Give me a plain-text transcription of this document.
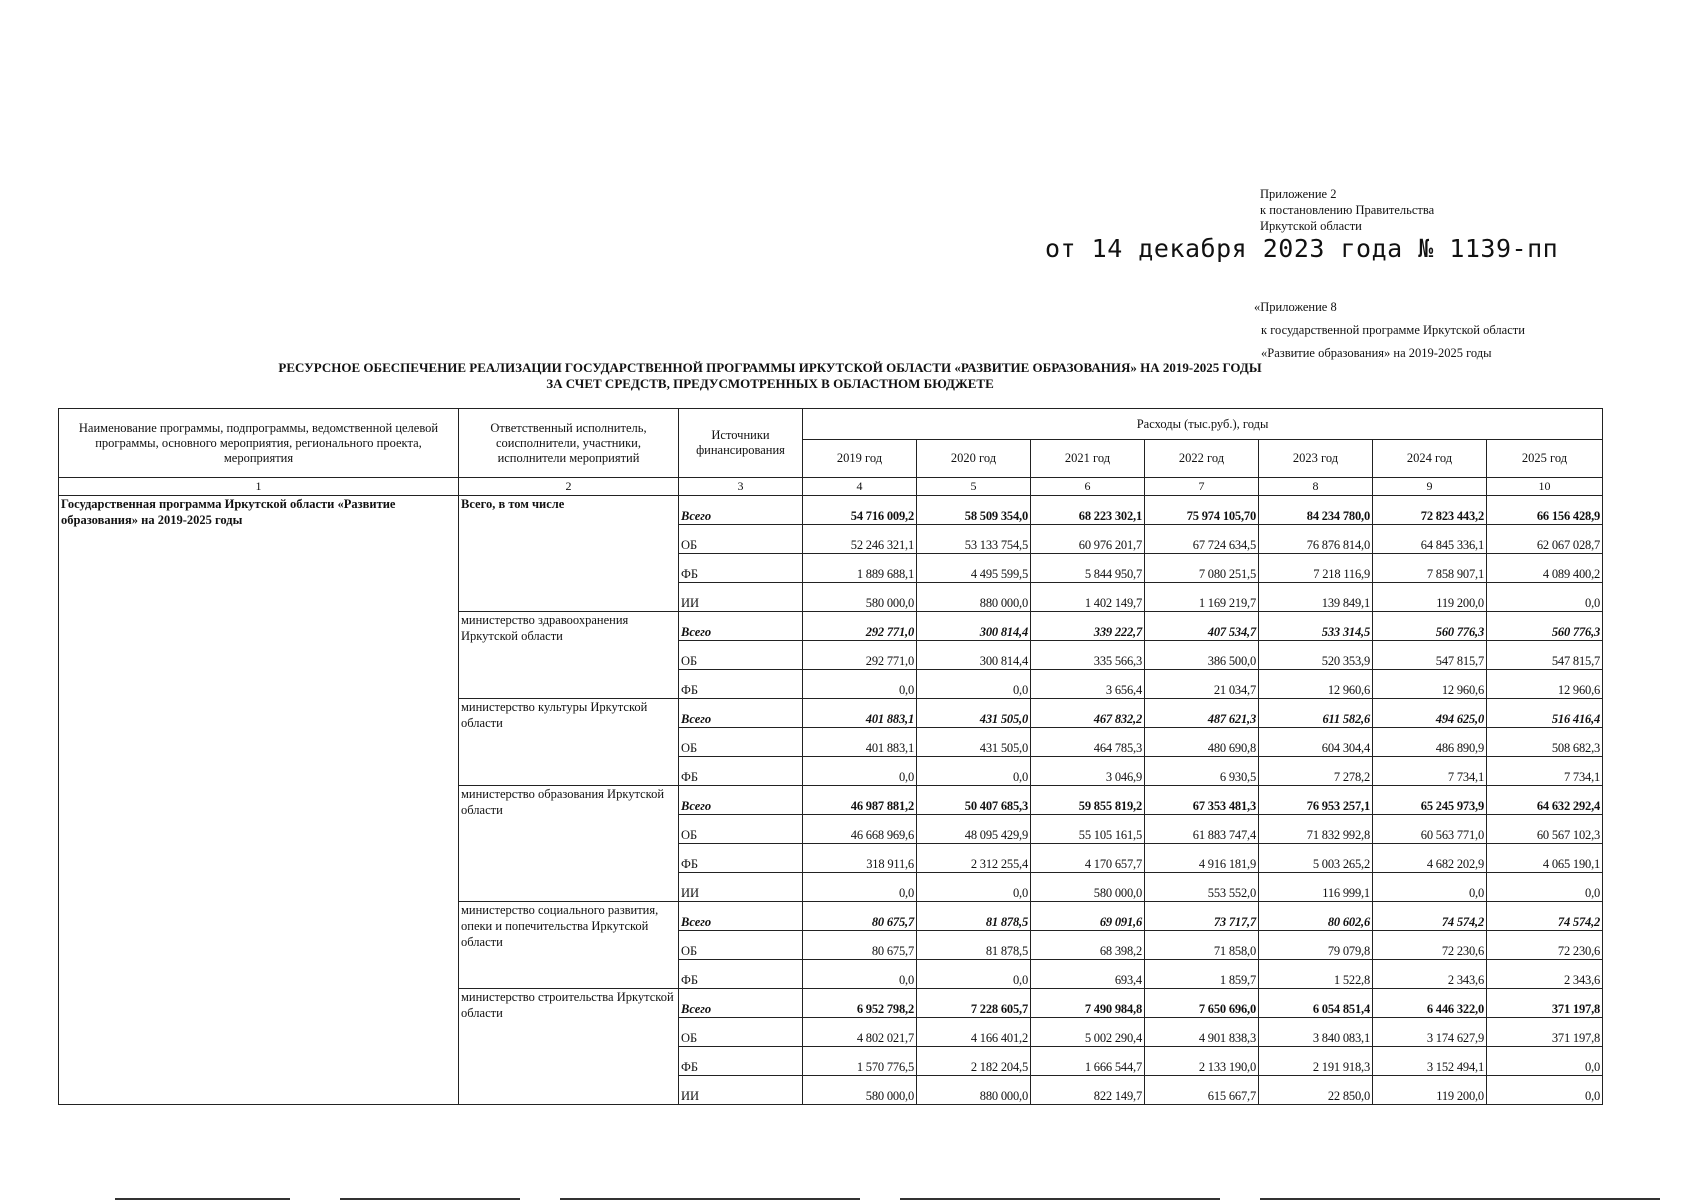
Приложение 2
к постановлению Правительства
Иркутской области
от 14 декабря 2023 года № 1139-пп
«Приложение 8
к государственной программе Иркутской области
«Развитие образования» на 2019-2025 годы
РЕСУРСНОЕ ОБЕСПЕЧЕНИЕ РЕАЛИЗАЦИИ ГОСУДАРСТВЕННОЙ ПРОГРАММЫ ИРКУТСКОЙ ОБЛАСТИ «РАЗВИТИЕ ОБРАЗОВАНИЯ» НА 2019-2025 ГОДЫ
ЗА СЧЕТ СРЕДСТВ, ПРЕДУСМОТРЕННЫХ В ОБЛАСТНОМ БЮДЖЕТЕ
Наименование программы, подпрограммы, ведомственной целевой программы, основного мероприятия, регионального проекта, мероприятия	Ответственный исполнитель, соисполнители, участники, исполнители мероприятий	Источники финансирования	Расходы (тыс.руб.), годы						
			2019 год	2020 год	2021 год	2022 год	2023 год	2024 год	2025 год
1	2	3	4	5	6	7	8	9	10
Государственная программа Иркутской области «Развитие образования» на 2019-2025 годы	Всего, в том числе	Всего	54 716 009,2	58 509 354,0	68 223 302,1	75 974 105,70	84 234 780,0	72 823 443,2	66 156 428,9
		ОБ	52 246 321,1	53 133 754,5	60 976 201,7	67 724 634,5	76 876 814,0	64 845 336,1	62 067 028,7
		ФБ	1 889 688,1	4 495 599,5	5 844 950,7	7 080 251,5	7 218 116,9	7 858 907,1	4 089 400,2
		ИИ	580 000,0	880 000,0	1 402 149,7	1 169 219,7	139 849,1	119 200,0	0,0
	министерство здравоохранения Иркутской области	Всего	292 771,0	300 814,4	339 222,7	407 534,7	533 314,5	560 776,3	560 776,3
		ОБ	292 771,0	300 814,4	335 566,3	386 500,0	520 353,9	547 815,7	547 815,7
		ФБ	0,0	0,0	3 656,4	21 034,7	12 960,6	12 960,6	12 960,6
	министерство культуры Иркутской области	Всего	401 883,1	431 505,0	467 832,2	487 621,3	611 582,6	494 625,0	516 416,4
		ОБ	401 883,1	431 505,0	464 785,3	480 690,8	604 304,4	486 890,9	508 682,3
		ФБ	0,0	0,0	3 046,9	6 930,5	7 278,2	7 734,1	7 734,1
	министерство образования Иркутской области	Всего	46 987 881,2	50 407 685,3	59 855 819,2	67 353 481,3	76 953 257,1	65 245 973,9	64 632 292,4
		ОБ	46 668 969,6	48 095 429,9	55 105 161,5	61 883 747,4	71 832 992,8	60 563 771,0	60 567 102,3
		ФБ	318 911,6	2 312 255,4	4 170 657,7	4 916 181,9	5 003 265,2	4 682 202,9	4 065 190,1
		ИИ	0,0	0,0	580 000,0	553 552,0	116 999,1	0,0	0,0
	министерство социального развития, опеки и попечительства Иркутской области	Всего	80 675,7	81 878,5	69 091,6	73 717,7	80 602,6	74 574,2	74 574,2
		ОБ	80 675,7	81 878,5	68 398,2	71 858,0	79 079,8	72 230,6	72 230,6
		ФБ	0,0	0,0	693,4	1 859,7	1 522,8	2 343,6	2 343,6
	министерство строительства Иркутской области	Всего	6 952 798,2	7 228 605,7	7 490 984,8	7 650 696,0	6 054 851,4	6 446 322,0	371 197,8
		ОБ	4 802 021,7	4 166 401,2	5 002 290,4	4 901 838,3	3 840 083,1	3 174 627,9	371 197,8
		ФБ	1 570 776,5	2 182 204,5	1 666 544,7	2 133 190,0	2 191 918,3	3 152 494,1	0,0
		ИИ	580 000,0	880 000,0	822 149,7	615 667,7	22 850,0	119 200,0	0,0
